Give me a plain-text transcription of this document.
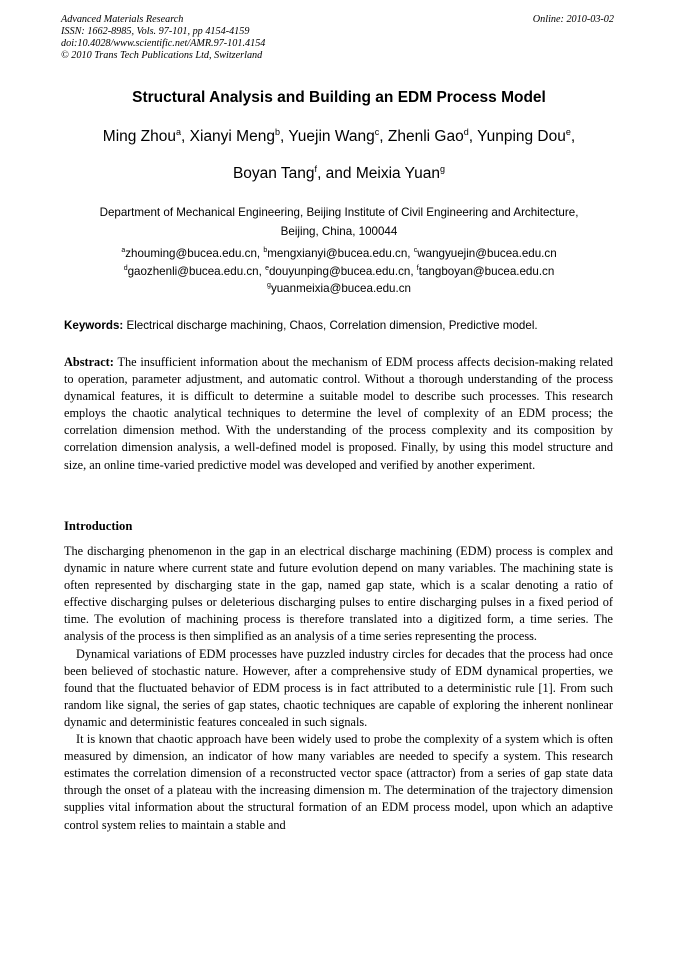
Advanced Materials Research
ISSN: 1662-8985, Vols. 97-101, pp 4154-4159
doi:10.4028/www.scientific.net/AMR.97-101.4154
© 2010 Trans Tech Publications Ltd, Switzerland
Online: 2010-03-02
Structural Analysis and Building an EDM Process Model
Ming Zhou$^a$, Xianyi Meng$^b$, Yuejin Wang$^c$, Zhenli Gao$^d$, Yunping Dou$^e$,
Boyan Tang$^f$, and Meixia Yuan$^g$
Department of Mechanical Engineering, Beijing Institute of Civil Engineering and Architecture,
Beijing, China, 100044
$^a$zhouming@bucea.edu.cn, $^b$mengxianyi@bucea.edu.cn, $^c$wangyuejin@bucea.edu.cn
$^d$gaozhenli@bucea.edu.cn, $^e$douyunping@bucea.edu.cn, $^f$tangboyan@bucea.edu.cn
$^g$yuanmeixia@bucea.edu.cn
Keywords: Electrical discharge machining, Chaos, Correlation dimension, Predictive model.

Abstract: The insufficient information about the mechanism of EDM process affects decision-making related to operation, parameter adjustment, and automatic control. Without a thorough understanding of the process dynamical features, it is difficult to determine a suitable model to describe such processes. This research employs the chaotic analytical techniques to determine the level of complexity of an EDM process; the correlation dimension method. With the understanding of the process complexity and its composition by correlation dimension analysis, a well-defined model is proposed. Finally, by using this model structure and size, an online time-varied predictive model was developed and verified by another experiment.

Introduction

The discharging phenomenon in the gap in an electrical discharge machining (EDM) process is complex and dynamic in nature where current state and future evolution depend on many variables. The machining state is often represented by discharging state in the gap, named gap state, which is a scalar denoting a ratio of effective discharging pulses or deleterious discharging pulses to entire discharging pulses in a fixed period of time. The evolution of machining process is therefore translated into a digitized form, a time series. The analysis of the process is then simplified as an analysis of a time series representing the process.

Dynamical variations of EDM processes have puzzled industry circles for decades that the process had once been believed of stochastic nature. However, after a comprehensive study of EDM dynamical properties, we found that the fluctuated behavior of EDM process is in fact attributed to a deterministic rule [1]. From such random like signal, the series of gap states, chaotic techniques are capable of exploring the inherent nonlinear dynamic and deterministic features concealed in such signals.

It is known that chaotic approach have been widely used to probe the complexity of a system which is often measured by dimension, an indicator of how many variables are needed to specify a system. This research estimates the correlation dimension of a reconstructed vector space (attractor) from a series of gap state data through the onset of a plateau with the increasing dimension m. The determination of the trajectory dimension supplies vital information about the structural formation of an EDM process model, upon which an adaptive control system relies to maintain a stable and
